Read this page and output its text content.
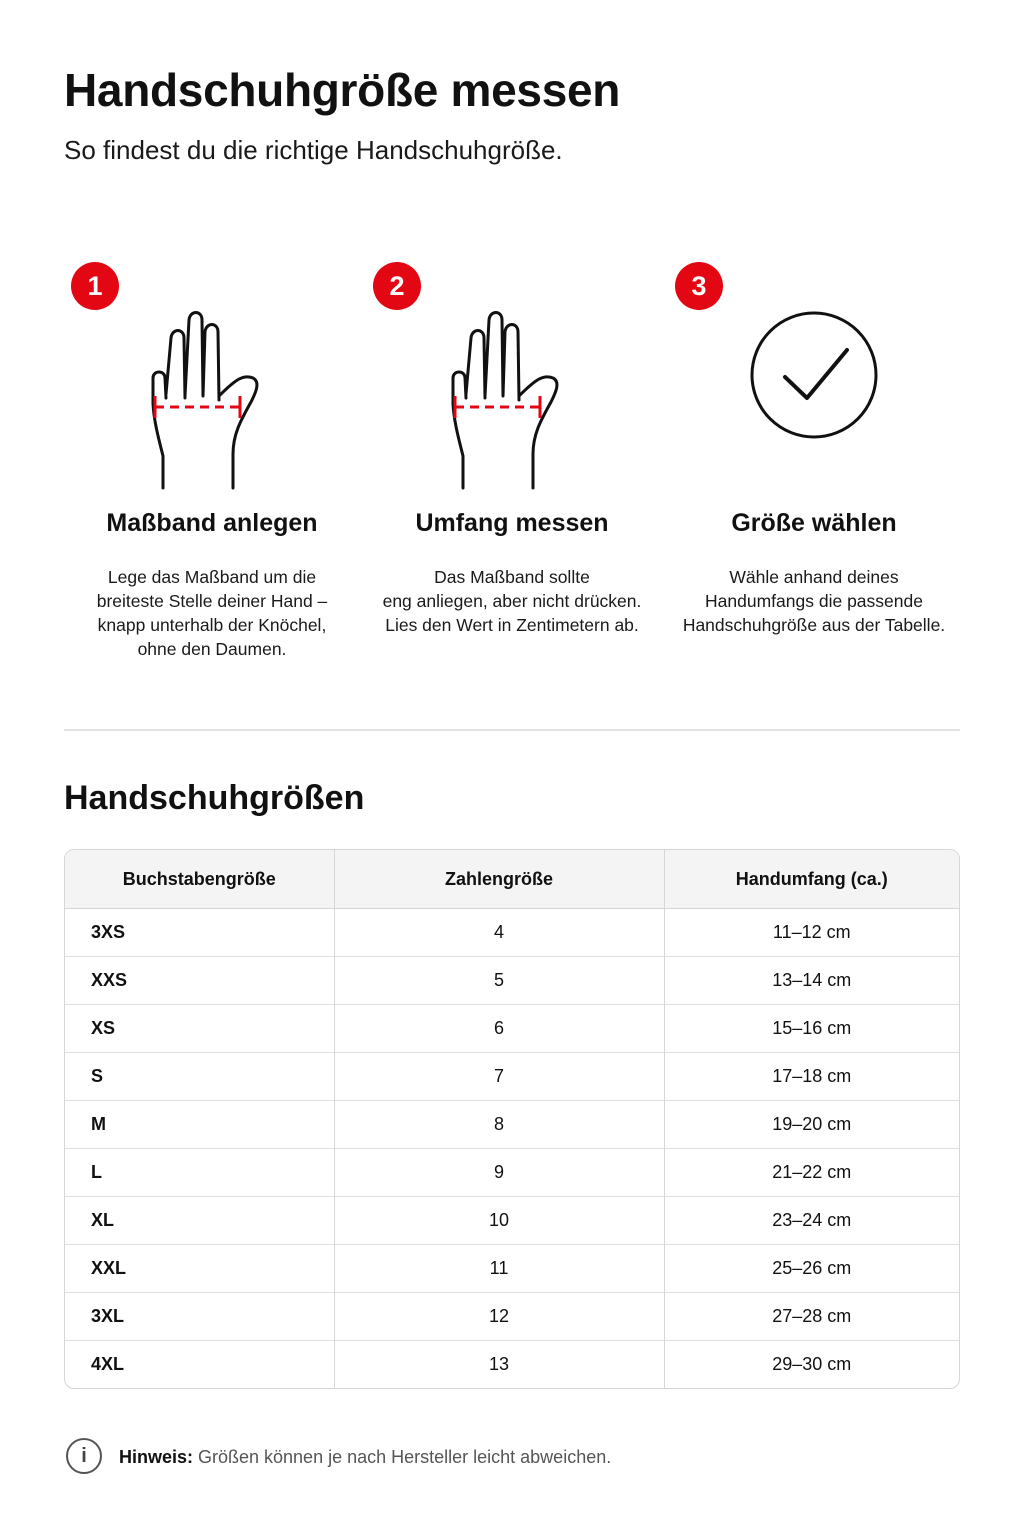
Handschuhgröße messen

So findest du die richtige Handschuhgröße.

1
Maßband anlegen

Lege das Maßband um die
breiteste Stelle deiner Hand –
knapp unterhalb der Knöchel,
ohne den Daumen.

2
Umfang messen

Das Maßband sollte
eng anliegen, aber nicht drücken.
Lies den Wert in Zentimetern ab.

3
Größe wählen

Wähle anhand deines
Handumfangs die passende
Handschuhgröße aus der Tabelle.

Handschuhgrößen
Buchstabengröße	Zahlengröße	Handumfang (ca.)
3XS	4	11–12 cm
XXS	5	13–14 cm
XS	6	15–16 cm
S	7	17–18 cm
M	8	19–20 cm
L	9	21–22 cm
XL	10	23–24 cm
XXL	11	25–26 cm
3XL	12	27–28 cm
4XL	13	29–30 cm
i	Hinweis: Größen können je nach Hersteller leicht abweichen.
